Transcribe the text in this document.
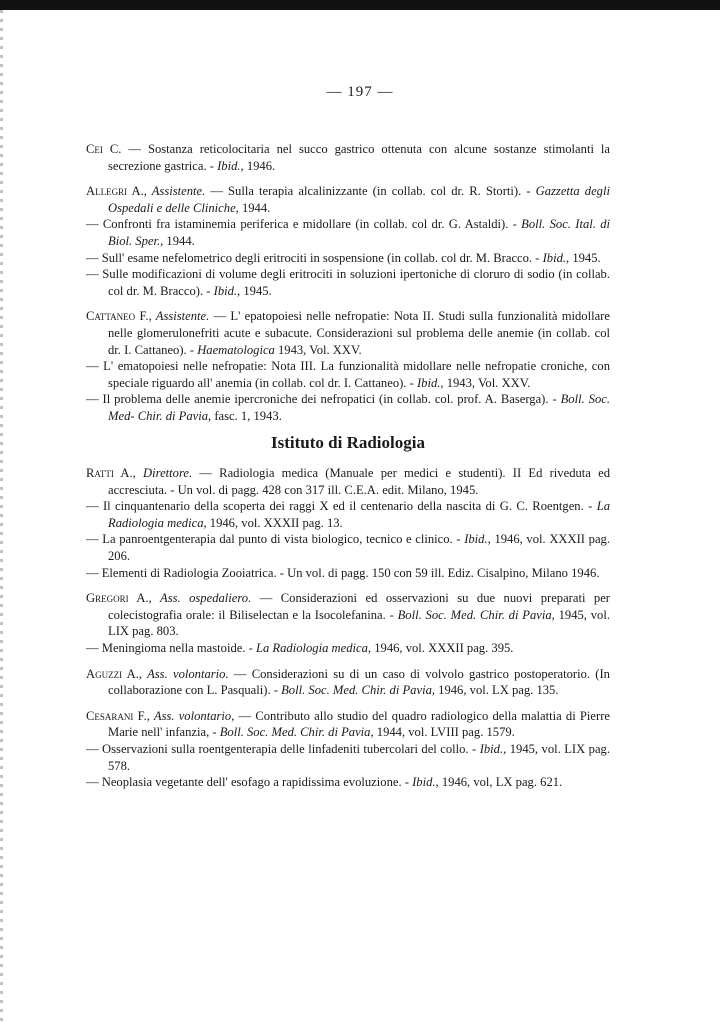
— 197 —

Cei C. — Sostanza reticolocitaria nel succo gastrico ottenuta con alcune sostanze stimolanti la secrezione gastrica. - Ibid., 1946.

Allegri A., Assistente. — Sulla terapia alcalinizzante (in collab. col dr. R. Storti). - Gazzetta degli Ospedali e delle Cliniche, 1944.

— Confronti fra istaminemia periferica e midollare (in collab. col dr. G. Astaldi). - Boll. Soc. Ital. di Biol. Sper., 1944.

— Sull' esame nefelometrico degli eritrociti in sospensione (in collab. col dr. M. Bracco. - Ibid., 1945.

— Sulle modificazioni di volume degli eritrociti in soluzioni ipertoniche di cloruro di sodio (in collab. col dr. M. Bracco). - Ibid., 1945.

Cattaneo F., Assistente. — L' epatopoiesi nelle nefropatie: Nota II. Studi sulla funzionalità midollare nelle glomerulonefriti acute e subacute. Considerazioni sul problema delle anemie (in collab. col dr. I. Cattaneo). - Haematologica 1943, Vol. XXV.

— L' ematopoiesi nelle nefropatie: Nota III. La funzionalità midollare nelle nefropatie croniche, con speciale riguardo all' anemia (in collab. col dr. I. Cattaneo). - Ibid., 1943, Vol. XXV.

— Il problema delle anemie ipercroniche dei nefropatici (in collab. col. prof. A. Baserga). - Boll. Soc. Med- Chir. di Pavia, fasc. 1, 1943.

Istituto di Radiologia

Ratti A., Direttore. — Radiologia medica (Manuale per medici e studenti). II Ed riveduta ed accresciuta. - Un vol. di pagg. 428 con 317 ill. C.E.A. edit. Milano, 1945.

— Il cinquantenario della scoperta dei raggi X ed il centenario della nascita di G. C. Roentgen. - La Radiologia medica, 1946, vol. XXXII pag. 13.

— La panroentgenterapia dal punto di vista biologico, tecnico e clinico. - Ibid., 1946, vol. XXXII pag. 206.

— Elementi di Radiologia Zooiatrica. - Un vol. di pagg. 150 con 59 ill. Ediz. Cisalpino, Milano 1946.

Gregori A., Ass. ospedaliero. — Considerazioni ed osservazioni su due nuovi preparati per colecistografia orale: il Biliselectan e la Isocolefanina. - Boll. Soc. Med. Chir. di Pavia, 1945, vol. LIX pag. 803.

— Meningioma nella mastoide. - La Radiologia medica, 1946, vol. XXXII pag. 395.

Aguzzi A., Ass. volontario. — Considerazioni su di un caso di volvolo gastrico postoperatorio. (In collaborazione con L. Pasquali). - Boll. Soc. Med. Chir. di Pavia, 1946, vol. LX pag. 135.

Cesarani F., Ass. volontario, — Contributo allo studio del quadro radiologico della malattia di Pierre Marie nell' infanzia, - Boll. Soc. Med. Chir. di Pavia, 1944, vol. LVIII pag. 1579.

— Osservazioni sulla roentgenterapia delle linfadeniti tubercolari del collo. - Ibid., 1945, vol. LIX pag. 578.

— Neoplasia vegetante dell' esofago a rapidissima evoluzione. - Ibid., 1946, vol, LX pag. 621.
